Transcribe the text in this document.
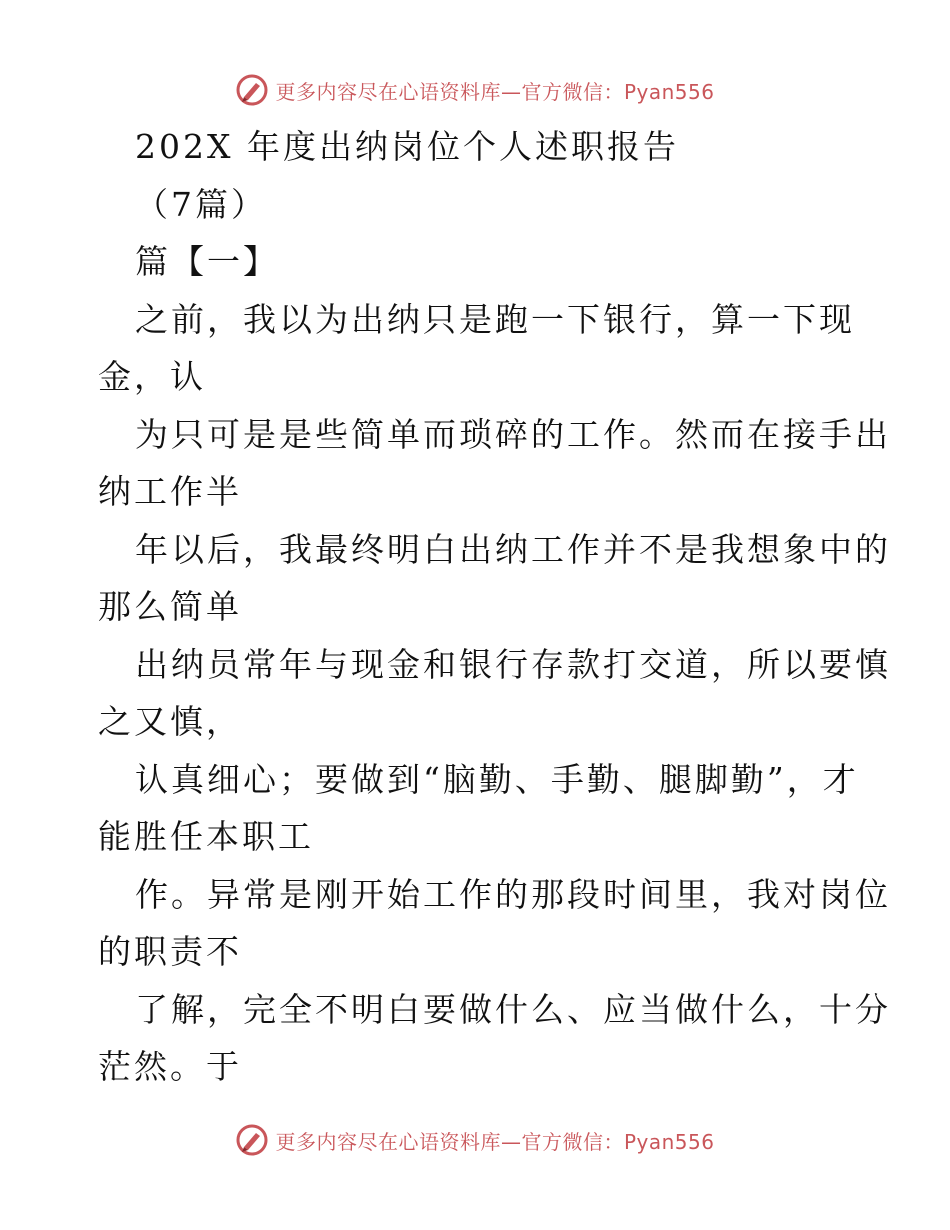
更多内容尽在心语资料库—官方微信：Pyan556
202X 年度出纳岗位个人述职报告
（7篇）
篇【一】
之前，我以为出纳只是跑一下银行，算一下现
金，认
为只可是是些简单而琐碎的工作。然而在接手出
纳工作半
年以后，我最终明白出纳工作并不是我想象中的
那么简单
出纳员常年与现金和银行存款打交道，所以要慎
之又慎，
认真细心；要做到“脑勤、手勤、腿脚勤”，才
能胜任本职工
作。异常是刚开始工作的那段时间里，我对岗位
的职责不
了解，完全不明白要做什么、应当做什么，十分
茫然。于
更多内容尽在心语资料库—官方微信：Pyan556
